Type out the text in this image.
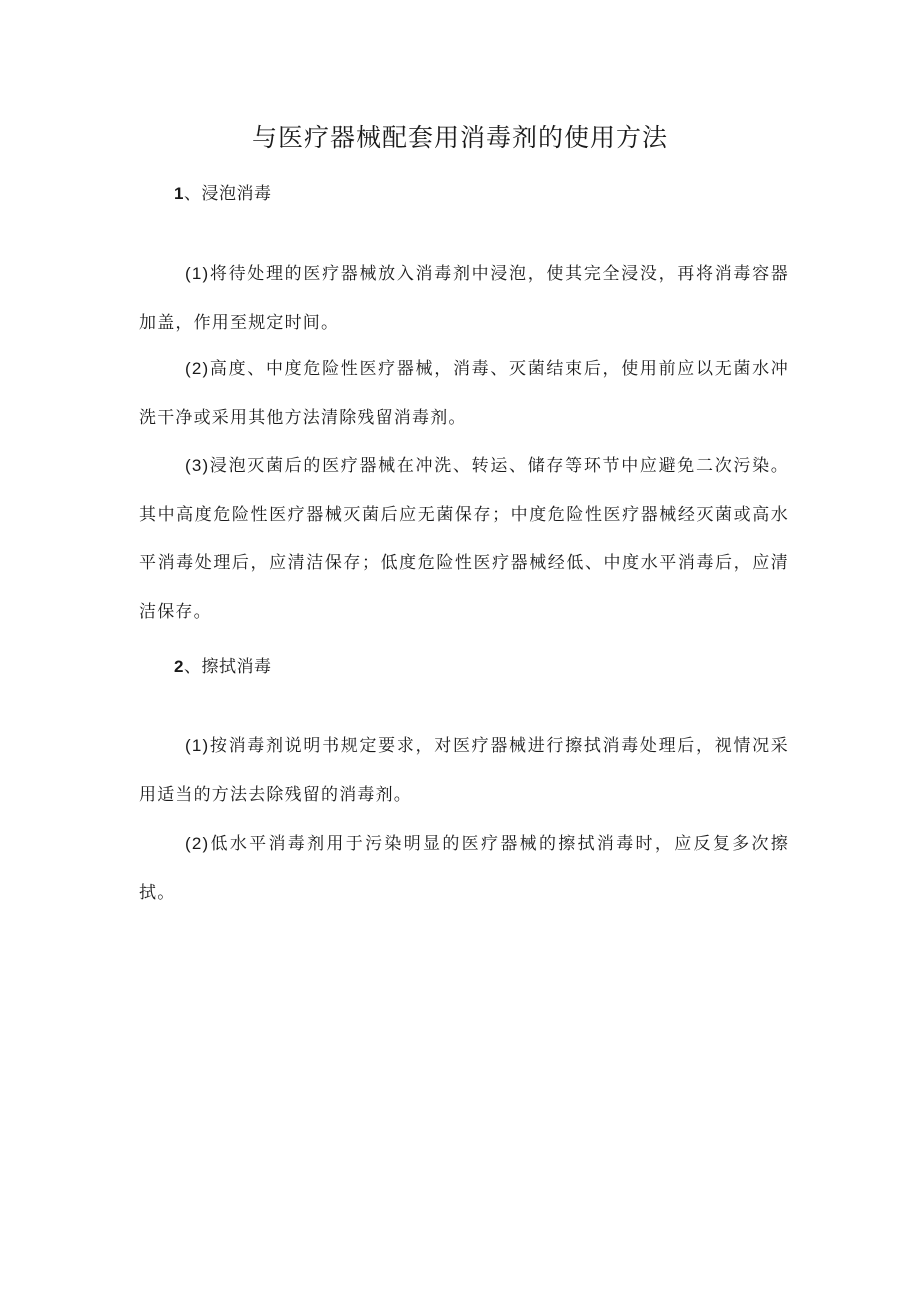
与医疗器械配套用消毒剂的使用方法
1、浸泡消毒
(1)将待处理的医疗器械放入消毒剂中浸泡，使其完全浸没，再将消毒容器加盖，作用至规定时间。
(2)高度、中度危险性医疗器械，消毒、灭菌结束后，使用前应以无菌水冲洗干净或采用其他方法清除残留消毒剂。
(3)浸泡灭菌后的医疗器械在冲洗、转运、储存等环节中应避免二次污染。其中高度危险性医疗器械灭菌后应无菌保存；中度危险性医疗器械经灭菌或高水平消毒处理后，应清洁保存；低度危险性医疗器械经低、中度水平消毒后，应清洁保存。
2、擦拭消毒
(1)按消毒剂说明书规定要求，对医疗器械进行擦拭消毒处理后，视情况采用适当的方法去除残留的消毒剂。
(2)低水平消毒剂用于污染明显的医疗器械的擦拭消毒时，应反复多次擦拭。
